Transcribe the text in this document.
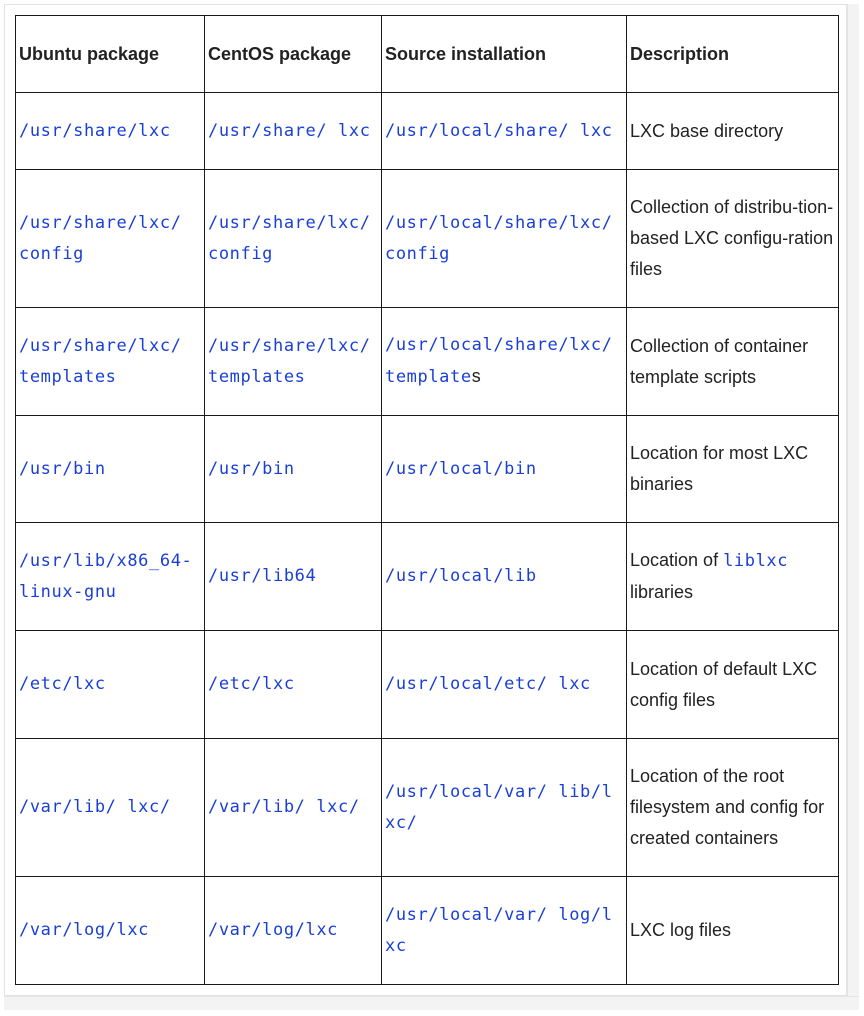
Ubuntu package	CentOS package	Source installation	Description
/usr/share/lxc	/usr/share/ lxc	/usr/local/share/ lxc	LXC base directory
/usr/share/lxc/ config	/usr/share/lxc/ config	/usr/local/share/lxc/ config	Collection of distribu-tion-based LXC configu-ration files
/usr/share/lxc/ templates	/usr/share/lxc/ templates	/usr/local/share/lxc/ templates	Collection of container template scripts
/usr/bin	/usr/bin	/usr/local/bin	Location for most LXC binaries
/usr/lib/x86_64-linux-gnu	/usr/lib64	/usr/local/lib	Location of liblxc libraries
/etc/lxc	/etc/lxc	/usr/local/etc/ lxc	Location of default LXC config files
/var/lib/ lxc/	/var/lib/ lxc/	/usr/local/var/ lib/lxc/	Location of the root filesystem and config for created containers
/var/log/lxc	/var/log/lxc	/usr/local/var/ log/lxc	LXC log files
